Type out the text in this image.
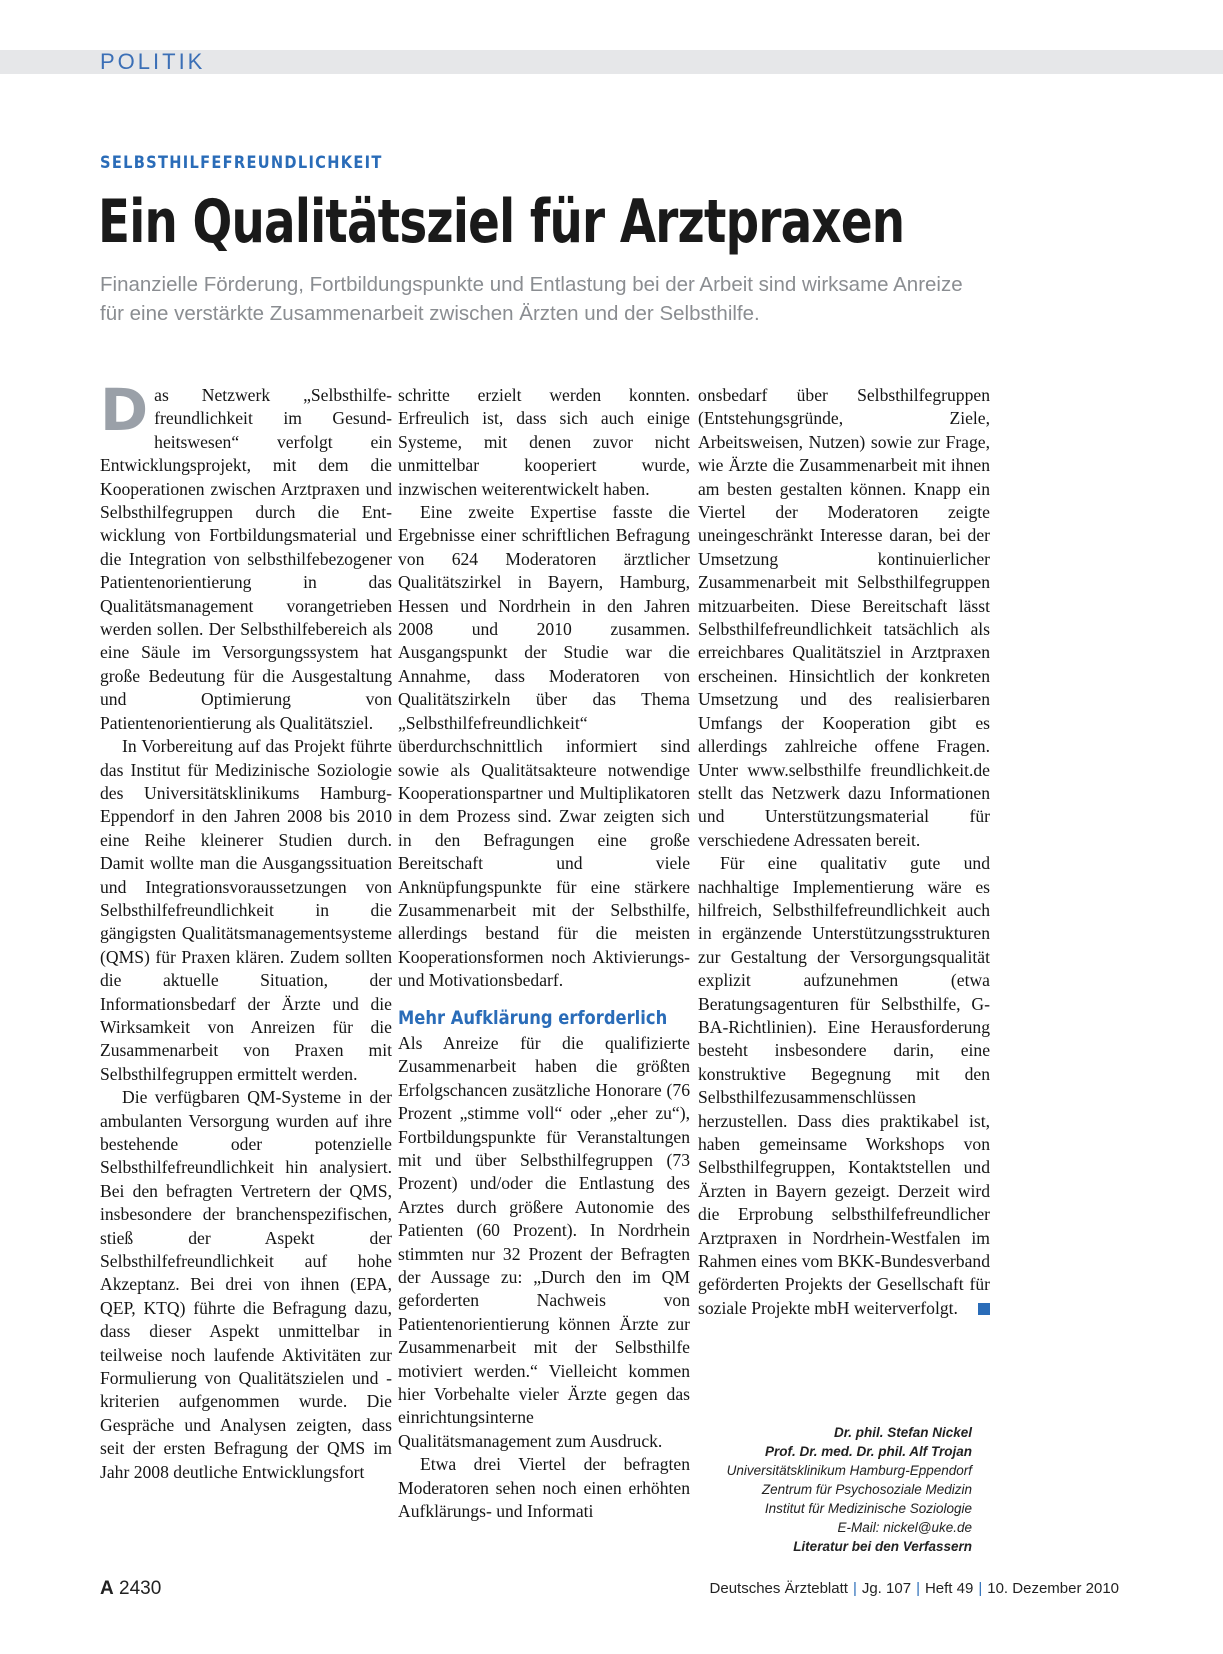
POLITIK
SELBSTHILFEFREUNDLICHKEIT
Ein Qualitätsziel für Arztpraxen
Finanzielle Förderung, Fortbildungspunkte und Entlastung bei der Arbeit sind wirksame Anreize für eine verstärkte Zusammenarbeit zwischen Ärzten und der Selbsthilfe.

Das Netzwerk „Selbsthilfefreundlichkeit im Gesundheitswesen“ verfolgt ein Entwicklungsprojekt, mit dem die Kooperationen zwischen Arztpraxen und Selbsthilfegruppen durch die Entwicklung von Fortbildungsmaterial und die Integration von selbsthilfebezogener Patientenorientierung in das Qualitätsmanagement vorangetrieben werden sollen. Der Selbsthilfebereich als eine Säule im Versorgungssystem hat große Bedeutung für die Ausgestaltung und Optimierung von Patientenorientierung als Qualitätsziel.

In Vorbereitung auf das Projekt führte das Institut für Medizinische Soziologie des Universitätsklinikums Hamburg-Eppendorf in den Jahren 2008 bis 2010 eine Reihe kleinerer Studien durch. Damit wollte man die Ausgangssituation und Integrationsvoraussetzungen von Selbsthilfefreundlichkeit in die gängigsten Qualitätsmanagementsysteme (QMS) für Praxen klären. Zudem sollten die aktuelle Situation, der Informationsbedarf der Ärzte und die Wirksamkeit von Anreizen für die Zusammenarbeit von Praxen mit Selbsthilfegruppen ermittelt werden.

Die verfügbaren QM-Systeme in der ambulanten Versorgung wurden auf ihre bestehende oder potenzielle Selbsthilfefreundlichkeit hin analysiert. Bei den befragten Vertretern der QMS, insbesondere der branchenspezifischen, stieß der Aspekt der Selbsthilfefreundlichkeit auf hohe Akzeptanz. Bei drei von ihnen (EPA, QEP, KTQ) führte die Befragung dazu, dass dieser Aspekt unmittelbar in teilweise noch laufende Aktivitäten zur Formulierung von Qualitätszielen und -kriterien aufgenommen wurde. Die Gespräche und Analysen zeigten, dass seit der ersten Befragung der QMS im Jahr 2008 deutliche Entwicklungsfort

schritte erzielt werden konnten. Erfreulich ist, dass sich auch einige Systeme, mit denen zuvor nicht unmittelbar kooperiert wurde, inzwischen weiterentwickelt haben.

Eine zweite Expertise fasste die Ergebnisse einer schriftlichen Befragung von 624 Moderatoren ärztlicher Qualitätszirkel in Bayern, Hamburg, Hessen und Nordrhein in den Jahren 2008 und 2010 zusammen. Ausgangspunkt der Studie war die Annahme, dass Moderatoren von Qualitätszirkeln über das Thema „Selbsthilfefreundlichkeit“ überdurchschnittlich informiert sind sowie als Qualitätsakteure notwendige Kooperationspartner und Multiplikatoren in dem Prozess sind. Zwar zeigten sich in den Befragungen eine große Bereitschaft und viele Anknüpfungspunkte für eine stärkere Zusammenarbeit mit der Selbsthilfe, allerdings bestand für die meisten Kooperationsformen noch Aktivierungs- und Motivationsbedarf.

Mehr Aufklärung erforderlich

Als Anreize für die qualifizierte Zusammenarbeit haben die größten Erfolgschancen zusätzliche Honorare (76 Prozent „stimme voll“ oder „eher zu“), Fortbildungspunkte für Veranstaltungen mit und über Selbsthilfegruppen (73 Prozent) und/oder die Entlastung des Arztes durch größere Autonomie des Patienten (60 Prozent). In Nordrhein stimmten nur 32 Prozent der Befragten der Aussage zu: „Durch den im QM geforderten Nachweis von Patientenorientierung können Ärzte zur Zusammenarbeit mit der Selbsthilfe motiviert werden.“ Vielleicht kommen hier Vorbehalte vieler Ärzte gegen das einrichtungsinterne Qualitätsmanagement zum Ausdruck.

Etwa drei Viertel der befragten Moderatoren sehen noch einen erhöhten Aufklärungs- und Informati

onsbedarf über Selbsthilfegruppen (Entstehungsgründe, Ziele, Arbeitsweisen, Nutzen) sowie zur Frage, wie Ärzte die Zusammenarbeit mit ihnen am besten gestalten können. Knapp ein Viertel der Moderatoren zeigte uneingeschränkt Interesse daran, bei der Umsetzung kontinuierlicher Zusammenarbeit mit Selbsthilfegruppen mitzuarbeiten. Diese Bereitschaft lässt Selbsthilfefreundlichkeit tatsächlich als erreichbares Qualitätsziel in Arztpraxen erscheinen. Hinsichtlich der konkreten Umsetzung und des realisierbaren Umfangs der Kooperation gibt es allerdings zahlreiche offene Fragen. Unter www.selbsthilfe freundlichkeit.de stellt das Netzwerk dazu Informationen und Unterstützungsmaterial für verschiedene Adressaten bereit.

Für eine qualitativ gute und nachhaltige Implementierung wäre es hilfreich, Selbsthilfefreundlichkeit auch in ergänzende Unterstützungsstrukturen zur Gestaltung der Versorgungsqualität explizit aufzunehmen (etwa Beratungsagenturen für Selbsthilfe, G-BA-Richtlinien). Eine Herausforderung besteht insbesondere darin, eine konstruktive Begegnung mit den Selbsthilfezusammenschlüssen herzustellen. Dass dies praktikabel ist, haben gemeinsame Workshops von Selbsthilfegruppen, Kontaktstellen und Ärzten in Bayern gezeigt. Derzeit wird die Erprobung selbsthilfefreundlicher Arztpraxen in Nordrhein-Westfalen im Rahmen eines vom BKK-Bundesverband geförderten Projekts der Gesellschaft für soziale Projekte mbH weiterverfolgt.

Dr. phil. Stefan Nickel
Prof. Dr. med. Dr. phil. Alf Trojan
Universitätsklinikum Hamburg-Eppendorf
Zentrum für Psychosoziale Medizin
Institut für Medizinische Soziologie
E-Mail: nickel@uke.de
Literatur bei den Verfassern
A 2430	Deutsches Ärzteblatt | Jg. 107 | Heft 49 | 10. Dezember 2010
